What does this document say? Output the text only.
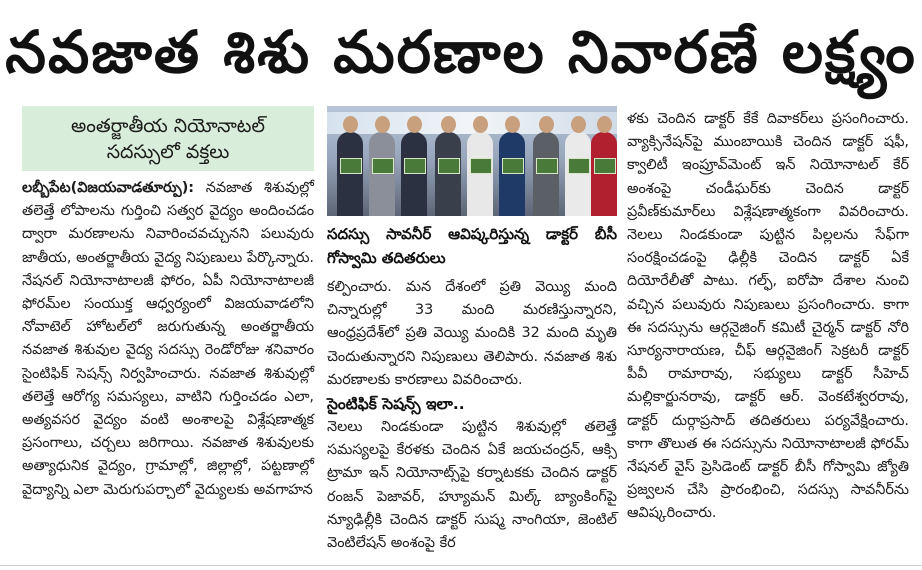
నవజాత శిశు మరణాల నివారణే లక్ష్యం
అంతర్జాతీయ నియోనాటల్
సదస్సులో వక్తలు

లబ్బీపేట(విజయవాడతూర్పు): నవజాత శిశువుల్లో తలెత్తే లోపాలను గుర్తించి సత్వర వైద్యం అందించడం ద్వారా మరణాలను నివారించవచ్చునని పలువురు జాతీయ, అంతర్జాతీయ వైద్య నిపుణులు పేర్కొన్నారు. నేషనల్ నియోనాటాలజీ ఫోరం, ఏపీ నియోనాటాలజీ ఫోరమ్‌ల సంయుక్త ఆధ్వర్యంలో విజయవాడలోని నోవాటెల్ హోటల్‌లో జరుగుతున్న అంతర్జాతీయ నవజాత శిశువుల వైద్య సదస్సు రెండోరోజు శనివారం సైంటిఫిక్ సెషన్స్ నిర్వహించారు. నవజాత శిశువుల్లో తలెత్తే ఆరోగ్య సమస్యలు, వాటిని గుర్తించడం ఎలా, అత్యవసర వైద్యం వంటి అంశాలపై విశ్లేషణాత్మక ప్రసంగాలు, చర్చలు జరిగాయి. నవజాత శిశువులకు అత్యాధునిక వైద్యం, గ్రామాల్లో, జిల్లాల్లో, పట్టణాల్లో వైద్యాన్ని ఎలా మెరుగుపర్చాలో వైద్యులకు అవగాహన

సదస్సు సావనీర్ ఆవిష్కరిస్తున్న డాక్టర్ బీసీ గోస్వామి తదితరులు

కల్పించారు. మన దేశంలో ప్రతి వెయ్యి మంది చిన్నారుల్లో 33 మంది మరణిస్తున్నారని, ఆంధ్రప్రదేశ్‌లో ప్రతి వెయ్యి మందికి 32 మంది మృతి చెందుతున్నారని నిపుణులు తెలిపారు. నవజాత శిశు మరణాలకు కారణాలు వివరించారు.

సైంటిఫిక్ సెషన్స్ ఇలా..

నెలలు నిండకుండా పుట్టిన శిశువుల్లో తలెత్తే సమస్యలపై కేరళకు చెందిన ఏకే జయచంద్రన్, ఆక్సి ట్రామా ఇన్ నియోనాట్స్‌పై కర్నాటకకు చెందిన డాక్టర్ రంజన్ పెజావర్, హ్యూమన్ మిల్క్ బ్యాంకింగ్‌పై న్యూఢిల్లీకి చెందిన డాక్టర్ సుష్మ నాంగియా, జెంటిల్ వెంటిలేషన్ అంశంపై కేర

ళకు చెందిన డాక్టర్ కేకే దివాకర్‌లు ప్రసంగించారు. వ్యాక్సినేషన్‌పై ముంబాయికి చెందిన డాక్టర్ షఫీ, క్వాలిటీ ఇంప్రూవ్‌మెంట్ ఇన్ నియోనాటల్ కేర్ అంశంపై చండీఘర్‌కు చెందిన డాక్టర్ ప్రవీణ్‌కుమార్‌లు విశ్లేషణాత్మకంగా వివరించారు. నెలలు నిండకుండా పుట్టిన పిల్లలను సేఫ్‌గా సంరక్షించడంపై ఢిల్లీకి చెందిన డాక్టర్ ఏకే దియోరేలీతో పాటు. గల్ఫ్, ఐరోపా దేశాల నుంచి వచ్చిన పలువురు నిపుణులు ప్రసంగించారు. కాగా ఈ సదస్సును ఆర్గనైజింగ్ కమిటీ చైర్మన్ డాక్టర్ నోరి సూర్యనారాయణ, చీఫ్ ఆర్గనైజింగ్ సెక్రటరీ డాక్టర్ పీవీ రామారావు, సభ్యులు డాక్టర్ సీహెచ్ మల్లికార్జునరావు, డాక్టర్ ఆర్. వెంకటేశ్వరరావు, డాక్టర్ దుర్గాప్రసాద్ తదితరులు పర్యవేక్షించారు. కాగా తొలుత ఈ సదస్సును నియోనాటాలజీ ఫోరమ్ నేషనల్ వైస్ ప్రెసిడెంట్ డాక్టర్ బీసీ గోస్వామి జ్యోతి ప్రజ్వలన చేసి ప్రారంభించి, సదస్సు సావనీర్‌ను ఆవిష్కరించారు.
